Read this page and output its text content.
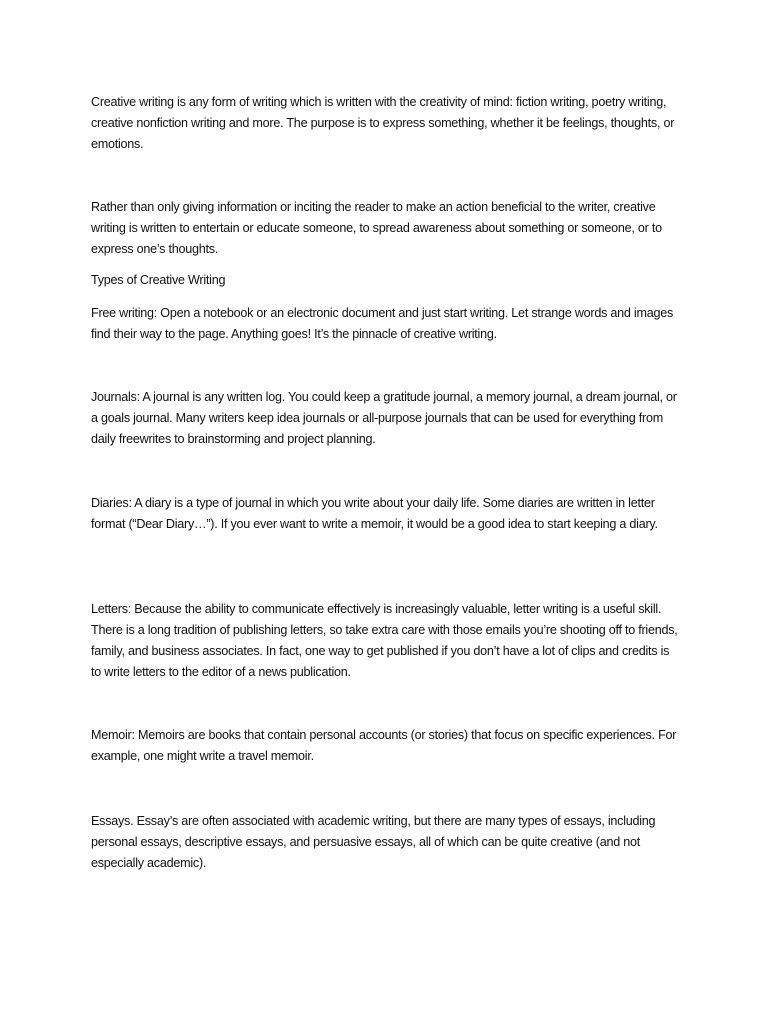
Creative writing is any form of writing which is written with the creativity of mind: fiction writing, poetry writing, creative nonfiction writing and more. The purpose is to express something, whether it be feelings, thoughts, or emotions.

Rather than only giving information or inciting the reader to make an action beneficial to the writer, creative writing is written to entertain or educate someone, to spread awareness about something or someone, or to express one’s thoughts.

Types of Creative Writing

Free writing: Open a notebook or an electronic document and just start writing. Let strange words and images find their way to the page. Anything goes! It’s the pinnacle of creative writing.

Journals: A journal is any written log. You could keep a gratitude journal, a memory journal, a dream journal, or a goals journal. Many writers keep idea journals or all-purpose journals that can be used for everything from daily freewrites to brainstorming and project planning.

Diaries: A diary is a type of journal in which you write about your daily life. Some diaries are written in letter format (“Dear Diary…”). If you ever want to write a memoir, it would be a good idea to start keeping a diary.

Letters: Because the ability to communicate effectively is increasingly valuable, letter writing is a useful skill. There is a long tradition of publishing letters, so take extra care with those emails you’re shooting off to friends, family, and business associates. In fact, one way to get published if you don’t have a lot of clips and credits is to write letters to the editor of a news publication.

Memoir: Memoirs are books that contain personal accounts (or stories) that focus on specific experiences. For example, one might write a travel memoir.

Essays. Essay’s are often associated with academic writing, but there are many types of essays, including personal essays, descriptive essays, and persuasive essays, all of which can be quite creative (and not especially academic).
